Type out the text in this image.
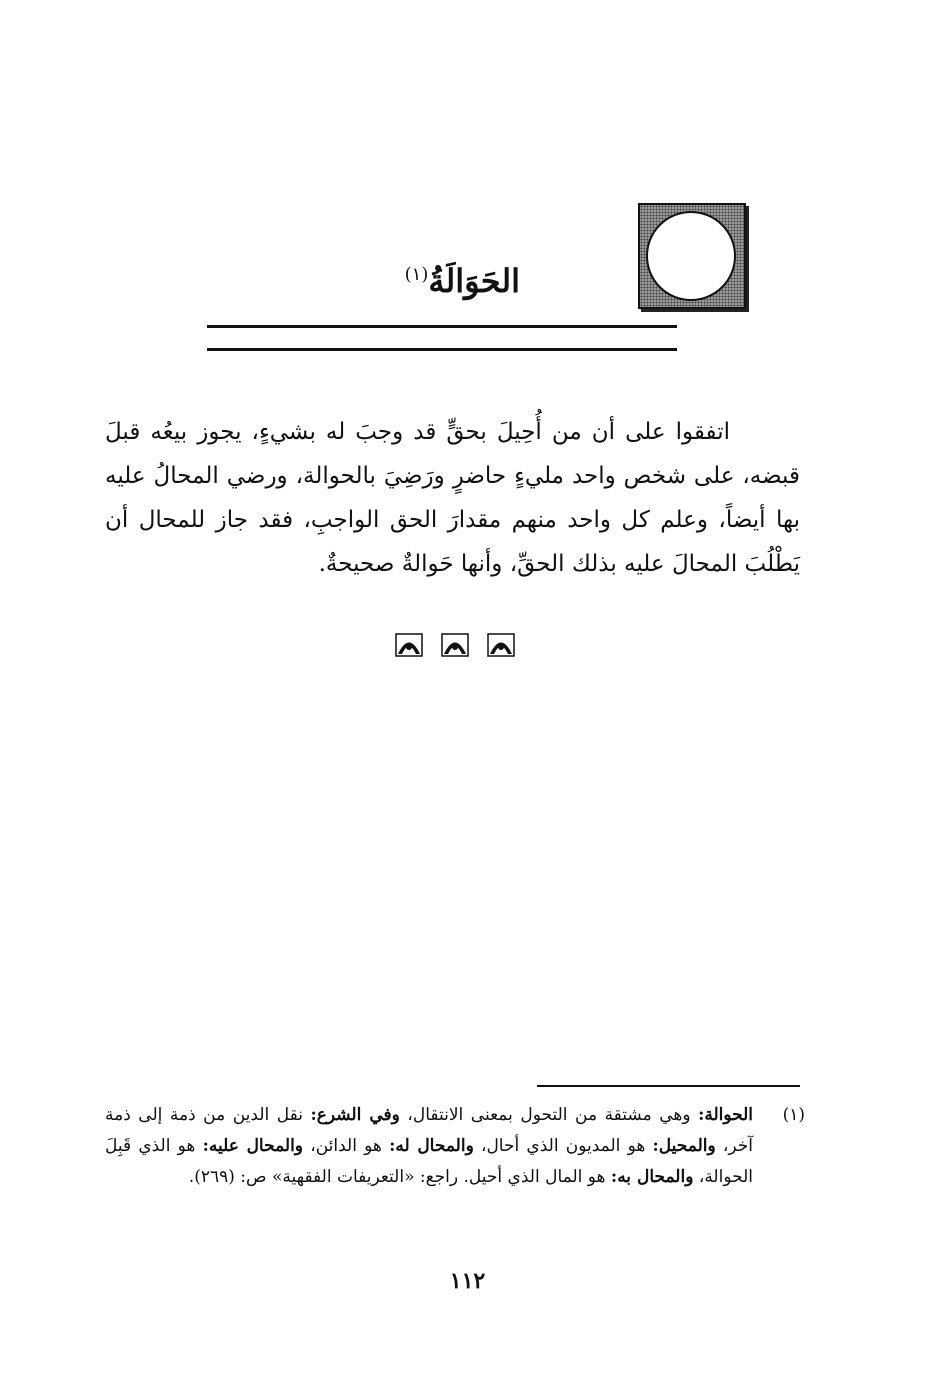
الحَوَالَةُ$^{(١)}$

اتفقوا على أن من أُحِيلَ بحقٍّ قد وجبَ له بشيءٍ، يجوز بيعُه قبلَ قبضه، على شخص واحد مليءٍ حاضرٍ ورَضِيَ بالحوالة، ورضي المحالُ عليه بها أيضاً، وعلم كل واحد منهم مقدارَ الحق الواجبِ، فقد جاز للمحال أن يَطْلُبَ المحالَ عليه بذلك الحقِّ، وأنها حَوالةٌ صحيحةٌ.

(١)
الحوالة: وهي مشتقة من التحول بمعنى الانتقال، وفي الشرع: نقل الدين من ذمة إلى ذمة آخر، والمحيل: هو المديون الذي أحال، والمحال له: هو الدائن، والمحال عليه: هو الذي قَبِلَ الحوالة، والمحال به: هو المال الذي أحيل. راجع: «التعريفات الفقهية» ص: (٢٦٩).
١١٢
